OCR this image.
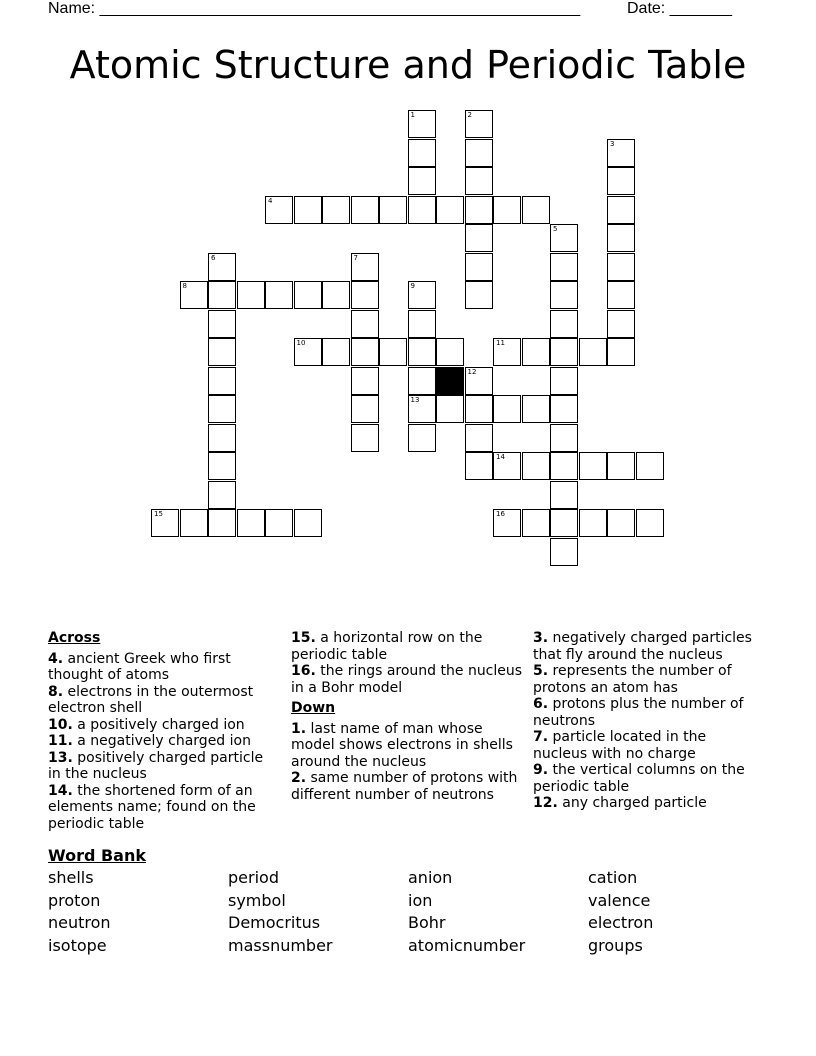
Name: ______________________________________________________	Date: _______
Atomic Structure and Periodic Table
4
8
10	11
13
14
15	16
1	2
3
5
6	7
9
12
Across

4. ancient Greek who first thought of atoms

8. electrons in the outermost electron shell

10. a positively charged ion

11. a negatively charged ion

13. positively charged particle in the nucleus

14. the shortened form of an elements name; found on the periodic table

15. a horizontal row on the periodic table

16. the rings around the nucleus in a Bohr model

Down

1. last name of man whose model shows electrons in shells around the nucleus

2. same number of protons with different number of neutrons

3. negatively charged particles that fly around the nucleus

5. represents the number of protons an atom has

6. protons plus the number of neutrons

7. particle located in the nucleus with no charge

9. the vertical columns on the periodic table

12. any charged particle

Word Bank
shells	period	anion	cation
proton	symbol	ion	valence
neutron	Democritus	Bohr	electron
isotope	massnumber	atomicnumber	groups
